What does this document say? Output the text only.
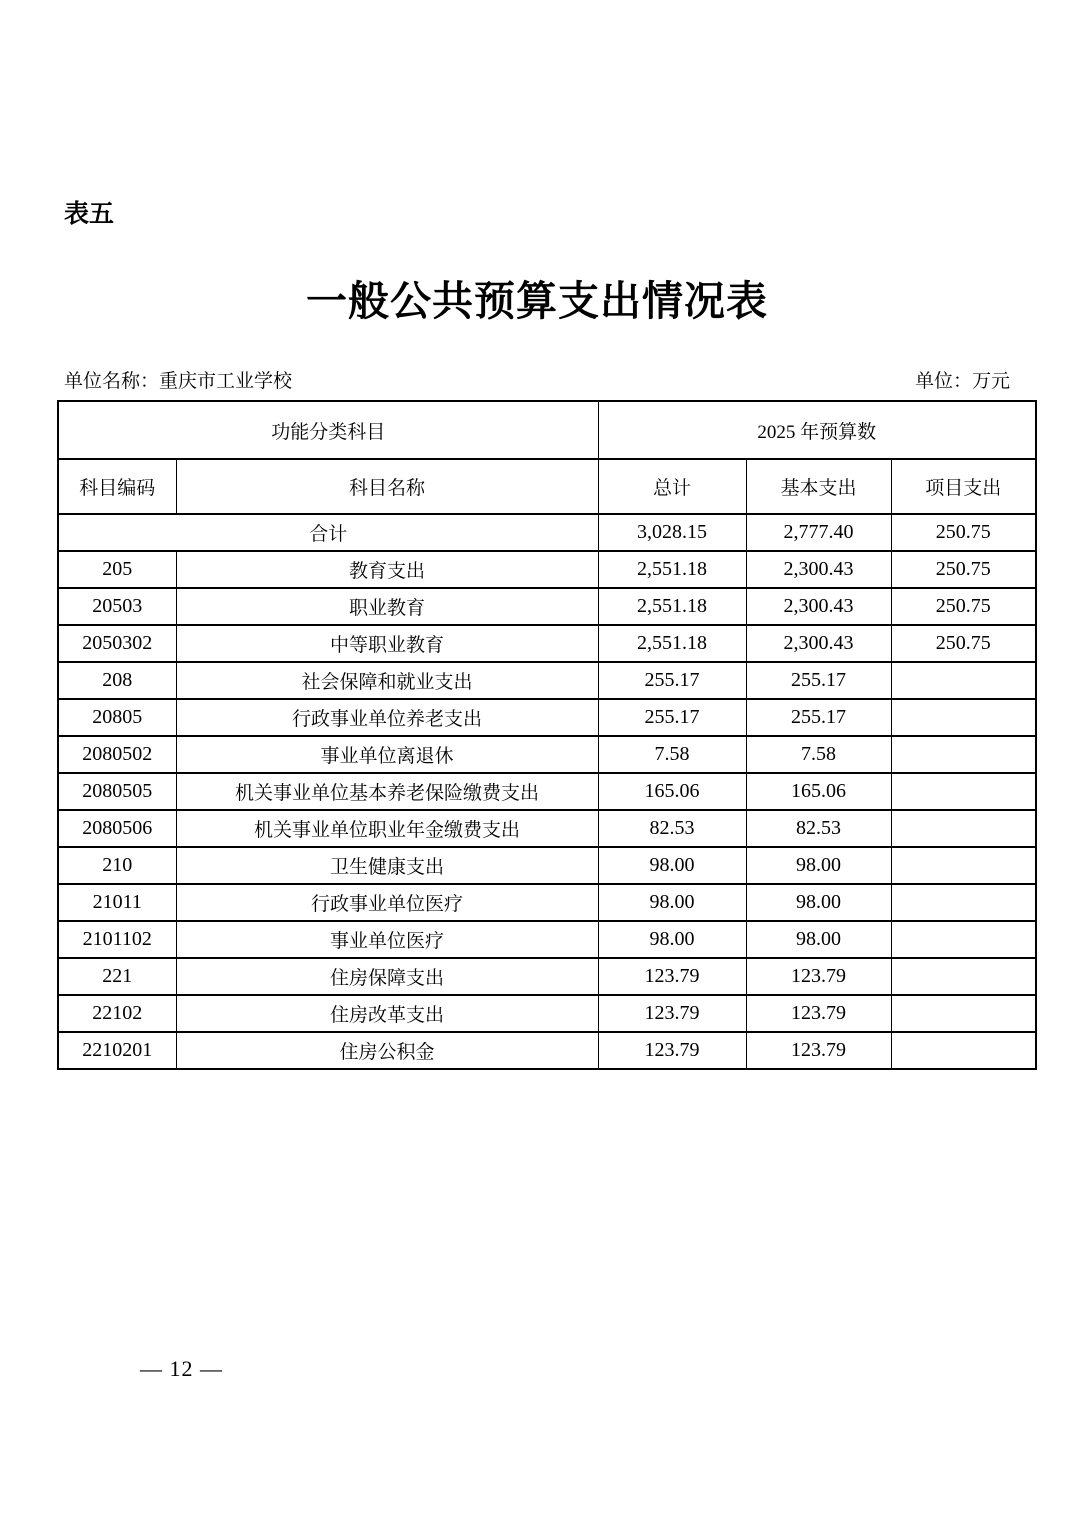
表五
一般公共预算支出情况表
单位名称：重庆市工业学校	单位：万元
功能分类科目		2025 年预算数		
科目编码	科目名称	总计	基本支出	项目支出
合计		3,028.15	2,777.40	250.75
205	教育支出	2,551.18	2,300.43	250.75
20503	职业教育	2,551.18	2,300.43	250.75
2050302	中等职业教育	2,551.18	2,300.43	250.75
208	社会保障和就业支出	255.17	255.17	
20805	行政事业单位养老支出	255.17	255.17	
2080502	事业单位离退休	7.58	7.58	
2080505	机关事业单位基本养老保险缴费支出	165.06	165.06	
2080506	机关事业单位职业年金缴费支出	82.53	82.53	
210	卫生健康支出	98.00	98.00	
21011	行政事业单位医疗	98.00	98.00	
2101102	事业单位医疗	98.00	98.00	
221	住房保障支出	123.79	123.79	
22102	住房改革支出	123.79	123.79	
2210201	住房公积金	123.79	123.79	
— 12 —
